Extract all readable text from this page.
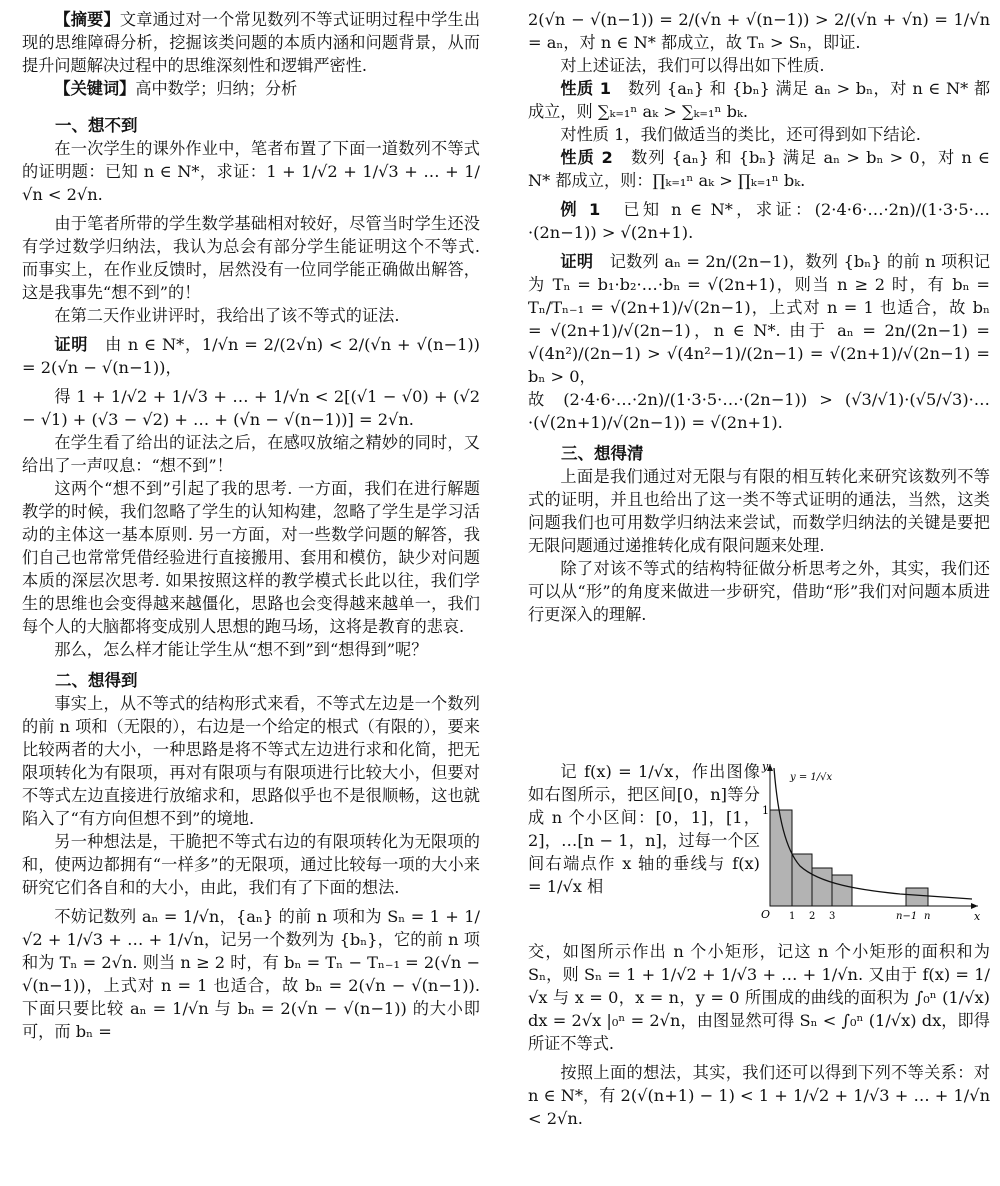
【摘要】文章通过对一个常见数列不等式证明过程中学生出现的思维障碍分析，挖掘该类问题的本质内涵和问题背景，从而提升问题解决过程中的思维深刻性和逻辑严密性.

【关键词】高中数学；归纳；分析

一、想不到

在一次学生的课外作业中，笔者布置了下面一道数列不等式的证明题：已知 n ∈ N*，求证：1 + 1/√2 + 1/√3 + … + 1/√n < 2√n.

由于笔者所带的学生数学基础相对较好，尽管当时学生还没有学过数学归纳法，我认为总会有部分学生能证明这个不等式. 而事实上，在作业反馈时，居然没有一位同学能正确做出解答，这是我事先“想不到”的！

在第二天作业讲评时，我给出了该不等式的证法.

证明　 由 n ∈ N*，1/√n = 2/(2√n) < 2/(√n + √(n−1)) = 2(√n − √(n−1))，

得 1 + 1/√2 + 1/√3 + … + 1/√n < 2[(√1 − √0) + (√2 − √1) + (√3 − √2) + … + (√n − √(n−1))] = 2√n.

在学生看了给出的证法之后，在感叹放缩之精妙的同时，又给出了一声叹息：“想不到”！

这两个“想不到”引起了我的思考. 一方面，我们在进行解题教学的时候，我们忽略了学生的认知构建，忽略了学生是学习活动的主体这一基本原则. 另一方面，对一些数学问题的解答，我们自己也常常凭借经验进行直接搬用、套用和模仿，缺少对问题本质的深层次思考. 如果按照这样的教学模式长此以往，我们学生的思维也会变得越来越僵化，思路也会变得越来越单一，我们每个人的大脑都将变成别人思想的跑马场，这将是教育的悲哀.

那么，怎么样才能让学生从“想不到”到“想得到”呢？

二、想得到

事实上，从不等式的结构形式来看，不等式左边是一个数列的前 n 项和（无限的），右边是一个给定的根式（有限的），要来比较两者的大小，一种思路是将不等式左边进行求和化简，把无限项转化为有限项，再对有限项与有限项进行比较大小，但要对不等式左边直接进行放缩求和，思路似乎也不是很顺畅，这也就陷入了“有方向但想不到”的境地.

另一种想法是，干脆把不等式右边的有限项转化为无限项的和，使两边都拥有“一样多”的无限项，通过比较每一项的大小来研究它们各自和的大小，由此，我们有了下面的想法.

不妨记数列 aₙ = 1/√n，{aₙ} 的前 n 项和为 Sₙ = 1 + 1/√2 + 1/√3 + … + 1/√n，记另一个数列为 {bₙ}，它的前 n 项和为 Tₙ = 2√n. 则当 n ≥ 2 时，有 bₙ = Tₙ − Tₙ₋₁ = 2(√n − √(n−1))，上式对 n = 1 也适合，故 bₙ = 2(√n − √(n−1)). 下面只要比较 aₙ = 1/√n 与 bₙ = 2(√n − √(n−1)) 的大小即可，而 bₙ =

2(√n − √(n−1)) = 2/(√n + √(n−1)) > 2/(√n + √n) = 1/√n = aₙ，对 n ∈ N* 都成立，故 Tₙ > Sₙ，即证.

对上述证法，我们可以得出如下性质.

性质 1　 数列 {aₙ} 和 {bₙ} 满足 aₙ > bₙ，对 n ∈ N* 都成立，则 ∑ₖ₌₁ⁿ aₖ > ∑ₖ₌₁ⁿ bₖ.

对性质 1，我们做适当的类比，还可得到如下结论.

性质 2　 数列 {aₙ} 和 {bₙ} 满足 aₙ > bₙ > 0，对 n ∈ N* 都成立，则：∏ₖ₌₁ⁿ aₖ > ∏ₖ₌₁ⁿ bₖ.

例 1　 已知 n ∈ N*，求证：(2·4·6·…·2n)/(1·3·5·…·(2n−1)) > √(2n+1).

证明　 记数列 aₙ = 2n/(2n−1)，数列 {bₙ} 的前 n 项积记为 Tₙ = b₁·b₂·…·bₙ = √(2n+1)，则当 n ≥ 2 时，有 bₙ = Tₙ/Tₙ₋₁ = √(2n+1)/√(2n−1)，上式对 n = 1 也适合，故 bₙ = √(2n+1)/√(2n−1)，n ∈ N*. 由于 aₙ = 2n/(2n−1) = √(4n²)/(2n−1) > √(4n²−1)/(2n−1) = √(2n+1)/√(2n−1) = bₙ > 0，

故 (2·4·6·…·2n)/(1·3·5·…·(2n−1)) > (√3/√1)·(√5/√3)·…·(√(2n+1)/√(2n−1)) = √(2n+1).

三、想得清

上面是我们通过对无限与有限的相互转化来研究该数列不等式的证明，并且也给出了这一类不等式证明的通法，当然，这类问题我们也可用数学归纳法来尝试，而数学归纳法的关键是要把无限问题通过递推转化成有限问题来处理.

除了对该不等式的结构特征做分析思考之外，其实，我们还可以从“形”的角度来做进一步研究，借助“形”我们对问题本质进行更深入的理解.

记 f(x) = 1/√x，作出图像如右图所示，把区间[0，n]等分成 n 个小区间：[0，1]，[1，2]，…[n − 1，n]，过每一个区间右端点作 x 轴的垂线与 f(x) = 1/√x 相

y
x
O
1
y = 1/√x
1 2 3	n−1 n

交，如图所示作出 n 个小矩形，记这 n 个小矩形的面积和为 Sₙ，则 Sₙ = 1 + 1/√2 + 1/√3 + … + 1/√n. 又由于 f(x) = 1/√x 与 x = 0，x = n，y = 0 所围成的曲线的面积为 ∫₀ⁿ (1/√x) dx = 2√x |₀ⁿ = 2√n，由图显然可得 Sₙ < ∫₀ⁿ (1/√x) dx，即得所证不等式.

按照上面的想法，其实，我们还可以得到下列不等关系：对 n ∈ N*，有 2(√(n+1) − 1) < 1 + 1/√2 + 1/√3 + … + 1/√n < 2√n.
